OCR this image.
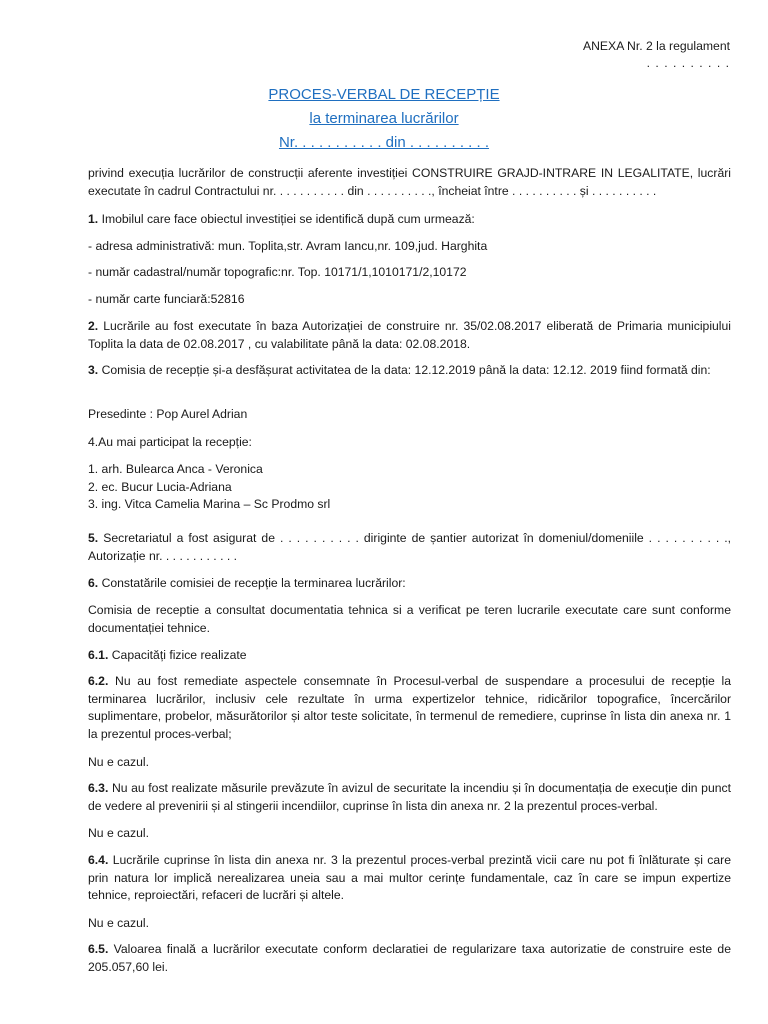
ANEXA Nr. 2 la regulament
. . . . . . . . . .
PROCES-VERBAL DE RECEPȚIE
la terminarea lucrărilor
Nr. . . . . . . . . . . din . . . . . . . . . .
privind execuția lucrărilor de construcții aferente investiției CONSTRUIRE GRAJD-INTRARE IN LEGALITATE, lucrări executate în cadrul Contractului nr. . . . . . . . . . . din . . . . . . . . . ., încheiat între . . . . . . . . . . și . . . . . . . . . .
1. Imobilul care face obiectul investiției se identifică după cum urmează:
- adresa administrativă: mun. Toplita,str. Avram Iancu,nr. 109,jud. Harghita
- număr cadastral/număr topografic:nr. Top. 10171/1,1010171/2,10172
- număr carte funciară:52816
2. Lucrările au fost executate în baza Autorizației de construire nr. 35/02.08.2017 eliberată de Primaria municipiului Toplita la data de 02.08.2017 , cu valabilitate până la data: 02.08.2018.
3. Comisia de recepție și-a desfășurat activitatea de la data: 12.12.2019 până la data: 12.12. 2019 fiind formată din:
Presedinte : Pop Aurel Adrian
4.Au mai participat la recepție:
1. arh. Bulearca Anca - Veronica
2. ec. Bucur Lucia-Adriana
3. ing. Vitca Camelia Marina – Sc Prodmo srl
5. Secretariatul a fost asigurat de . . . . . . . . . . diriginte de șantier autorizat în domeniul/domeniile . . . . . . . . . ., Autorizație nr. . . . . . . . . . . .
6. Constatările comisiei de recepție la terminarea lucrărilor:
Comisia de receptie a consultat documentatia tehnica si a verificat pe teren lucrarile executate care sunt conforme documentației tehnice.
6.1. Capacități fizice realizate
6.2. Nu au fost remediate aspectele consemnate în Procesul-verbal de suspendare a procesului de recepție la terminarea lucrărilor, inclusiv cele rezultate în urma expertizelor tehnice, ridicărilor topografice, încercărilor suplimentare, probelor, măsurătorilor și altor teste solicitate, în termenul de remediere, cuprinse în lista din anexa nr. 1 la prezentul proces-verbal;
Nu e cazul.
6.3. Nu au fost realizate măsurile prevăzute în avizul de securitate la incendiu și în documentația de execuție din punct de vedere al prevenirii și al stingerii incendiilor, cuprinse în lista din anexa nr. 2 la prezentul proces-verbal.
Nu e cazul.
6.4. Lucrările cuprinse în lista din anexa nr. 3 la prezentul proces-verbal prezintă vicii care nu pot fi înlăturate și care prin natura lor implică nerealizarea uneia sau a mai multor cerințe fundamentale, caz în care se impun expertize tehnice, reproiectări, refaceri de lucrări și altele.
Nu e cazul.
6.5. Valoarea finală a lucrărilor executate conform declaratiei de regularizare taxa autorizatie de construire este de 205.057,60 lei.
